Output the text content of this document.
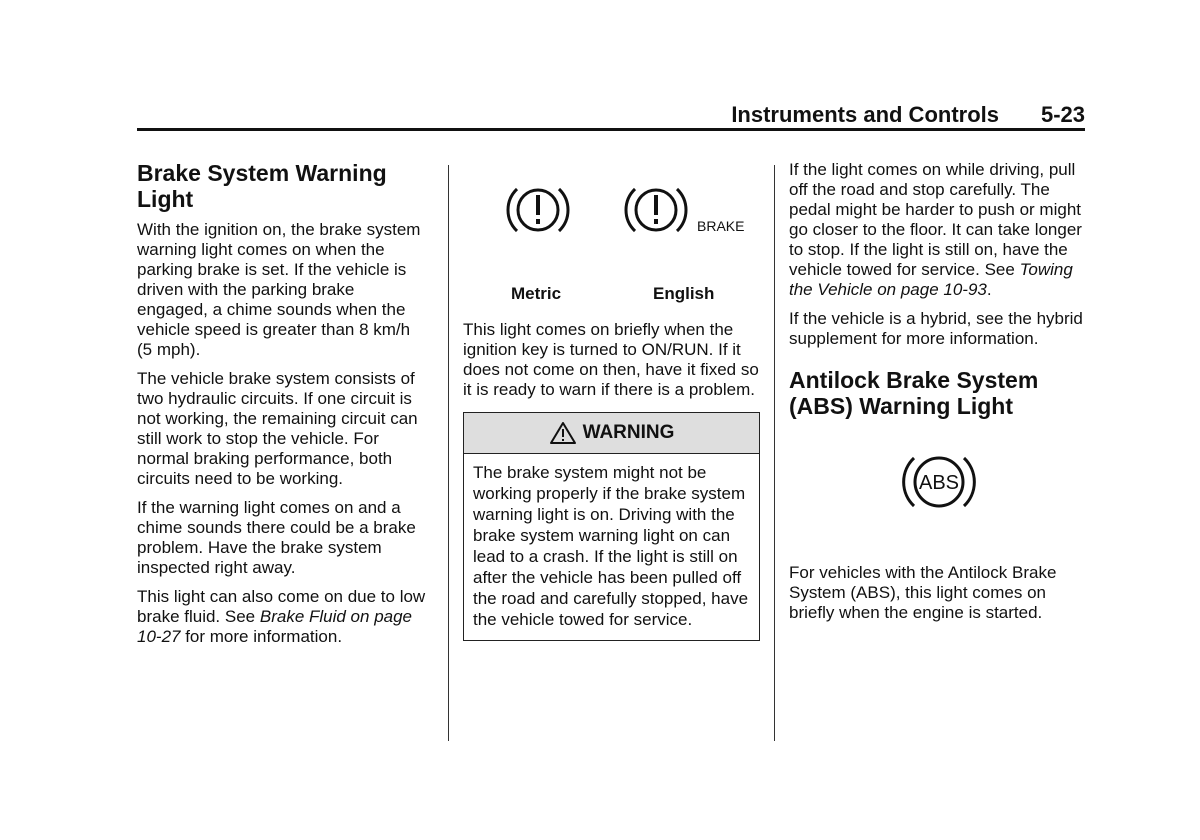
Instruments and Controls 5-23
Brake System Warning Light

With the ignition on, the brake system warning light comes on when the parking brake is set. If the vehicle is driven with the parking brake engaged, a chime sounds when the vehicle speed is greater than 8 km/h (5 mph).

The vehicle brake system consists of two hydraulic circuits. If one circuit is not working, the remaining circuit can still work to stop the vehicle. For normal braking performance, both circuits need to be working.

If the warning light comes on and a chime sounds there could be a brake problem. Have the brake system inspected right away.

This light can also come on due to low brake fluid. See Brake Fluid on page 10-27 for more information.

BRAKE
Metric	English

This light comes on briefly when the ignition key is turned to ON/RUN. If it does not come on then, have it fixed so it is ready to warn if there is a problem.

WARNING
The brake system might not be working properly if the brake system warning light is on. Driving with the brake system warning light on can lead to a crash. If the light is still on after the vehicle has been pulled off the road and carefully stopped, have the vehicle towed for service.

If the light comes on while driving, pull off the road and stop carefully. The pedal might be harder to push or might go closer to the floor. It can take longer to stop. If the light is still on, have the vehicle towed for service. See Towing the Vehicle on page 10-93.

If the vehicle is a hybrid, see the hybrid supplement for more information.

Antilock Brake System (ABS) Warning Light
ABS

For vehicles with the Antilock Brake System (ABS), this light comes on briefly when the engine is started.
